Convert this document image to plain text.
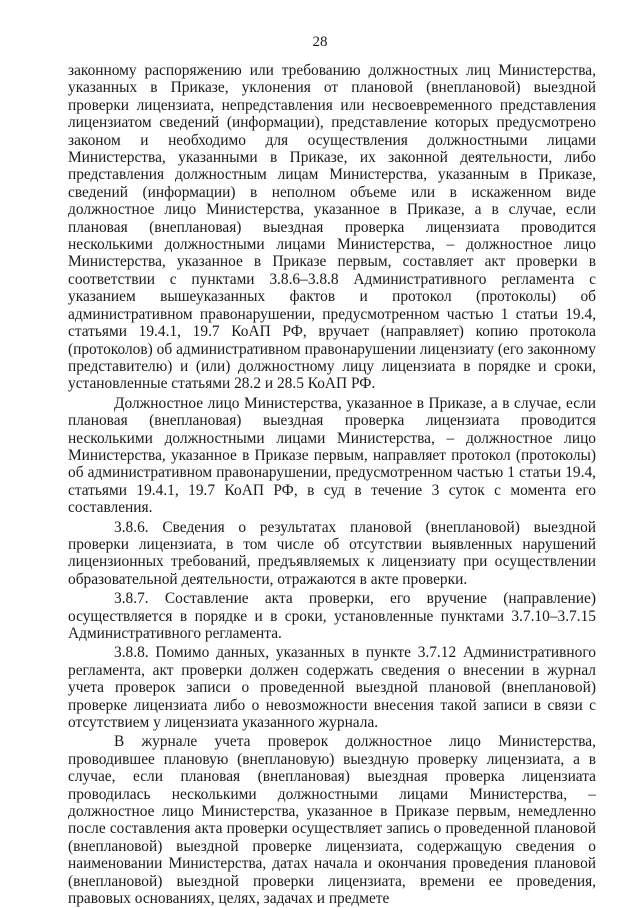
28

законному распоряжению или требованию должностных лиц Министерства, указанных в Приказе, уклонения от плановой (внеплановой) выездной проверки лицензиата, непредставления или несвоевременного представления лицензиатом сведений (информации), представление которых предусмотрено законом и необходимо для осуществления должностными лицами Министерства, указанными в Приказе, их законной деятельности, либо представления должностным лицам Министерства, указанным в Приказе, сведений (информации) в неполном объеме или в искаженном виде должностное лицо Министерства, указанное в Приказе, а в случае, если плановая (внеплановая) выездная проверка лицензиата проводится несколькими должностными лицами Министерства, – должностное лицо Министерства, указанное в Приказе первым, составляет акт проверки в соответствии с пунктами 3.8.6–3.8.8 Административного регламента с указанием вышеуказанных фактов и протокол (протоколы) об административном правонарушении, предусмотренном частью 1 статьи 19.4, статьями 19.4.1, 19.7 КоАП РФ, вручает (направляет) копию протокола (протоколов) об административном правонарушении лицензиату (его законному представителю) и (или) должностному лицу лицензиата в порядке и сроки, установленные статьями 28.2 и 28.5 КоАП РФ.

Должностное лицо Министерства, указанное в Приказе, а в случае, если плановая (внеплановая) выездная проверка лицензиата проводится несколькими должностными лицами Министерства, – должностное лицо Министерства, указанное в Приказе первым, направляет протокол (протоколы) об административном правонарушении, предусмотренном частью 1 статьи 19.4, статьями 19.4.1, 19.7 КоАП РФ, в суд в течение 3 суток с момента его составления.

3.8.6. Сведения о результатах плановой (внеплановой) выездной проверки лицензиата, в том числе об отсутствии выявленных нарушений лицензионных требований, предъявляемых к лицензиату при осуществлении образовательной деятельности, отражаются в акте проверки.

3.8.7. Составление акта проверки, его вручение (направление) осуществляется в порядке и в сроки, установленные пунктами 3.7.10–3.7.15 Административного регламента.

3.8.8. Помимо данных, указанных в пункте 3.7.12 Административного регламента, акт проверки должен содержать сведения о внесении в журнал учета проверок записи о проведенной выездной плановой (внеплановой) проверке лицензиата либо о невозможности внесения такой записи в связи с отсутствием у лицензиата указанного журнала.

В журнале учета проверок должностное лицо Министерства, проводившее плановую (внеплановую) выездную проверку лицензиата, а в случае, если плановая (внеплановая) выездная проверка лицензиата проводилась несколькими должностными лицами Министерства, – должностное лицо Министерства, указанное в Приказе первым, немедленно после составления акта проверки осуществляет запись о проведенной плановой (внеплановой) выездной проверке лицензиата, содержащую сведения о наименовании Министерства, датах начала и окончания проведения плановой (внеплановой) выездной проверки лицензиата, времени ее проведения, правовых основаниях, целях, задачах и предмете
